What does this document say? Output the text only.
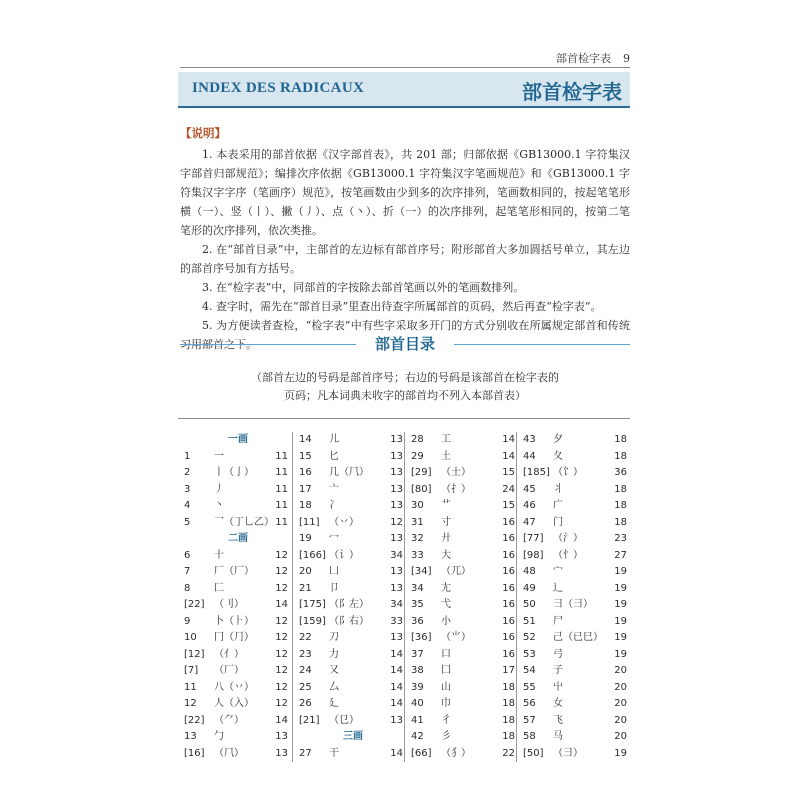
部首检字表 9
INDEX DES RADICAUX	部首检字表
【说明】

1. 本表采用的部首依据《汉字部首表》，共 201 部；归部依据《GB13000.1 字符集汉字部首归部规范》；编排次序依据《GB13000.1 字符集汉字笔画规范》和《GB13000.1 字符集汉字字序（笔画序）规范》，按笔画数由少到多的次序排列，笔画数相同的，按起笔笔形横（一）、竖（丨）、撇（丿）、点（丶）、折（一）的次序排列，起笔笔形相同的，按第二笔笔形的次序排列，依次类推。

2. 在“部首目录”中，主部首的左边标有部首序号；附形部首大多加圆括号单立，其左边的部首序号加有方括号。

3. 在“检字表”中，同部首的字按除去部首笔画以外的笔画数排列。

4. 查字时，需先在“部首目录”里查出待查字所属部首的页码，然后再查“检字表”。

5. 为方便读者查检，“检字表”中有些字采取多开门的方式分别收在所属规定部首和传统习用部首之下。	部首目录
（部首左边的号码是部首序号；右边的号码是该部首在检字表的页码；凡本词典未收字的部首均不列入本部首表）
一画
1	一	11
2	丨（亅） 11
3	丿	11
4	丶	11
5	乛（丁乚乙） 11
二画
6	十	12
7	厂（厂） 12
8	匚	12
[22] （刂）	14
9	卜（⺊） 12
10	冂（⺆） 12
[12] （亻）	12
[7]	（厂）	12
11	八（丷） 12
12	人（入） 12
[22] （⺈）	14
13	勹	13
[16] （⺇）	13
14	儿	13
15	匕	13
16	几（⺇） 13
17	亠	13
18	冫	13
[11] （丷）	12
19	冖	13
[166] （讠）	34
20	凵	13
21	卩	13
[175] （阝左） 34
[159] （阝右） 33
22	刀	13
23	力	14
24	又	14
25	厶	14
26	廴	14
[21] （㔾）	13
三画
27	干	14
28	工	14
29	土	14
[29] （士）	15
[80] （扌）	24
30	艹	15
31	寸	16
32	廾	16
33	大	16
[34] （兀）	16
34	尢	16
35	弋	16
36	小	16
[36] （⺌）	16
37	口	16
38	囗	17
39	山	18
40	巾	18
41	彳	18
42	彡	18
[66] （犭）	22
43	夕	18
44	夂	18
[185] （饣）	36
45	丬	18
46	广	18
47	门	18
[77] （氵）	23
[98] （忄）	27
48	宀	19
49	辶	19
50	彐（⺕） 19
51	尸	19
52	己（已巳） 19
53	弓	19
54	子	20
55	屮	20
56	女	20
57	飞	20
58	马	20
[50] （⺕）	19
